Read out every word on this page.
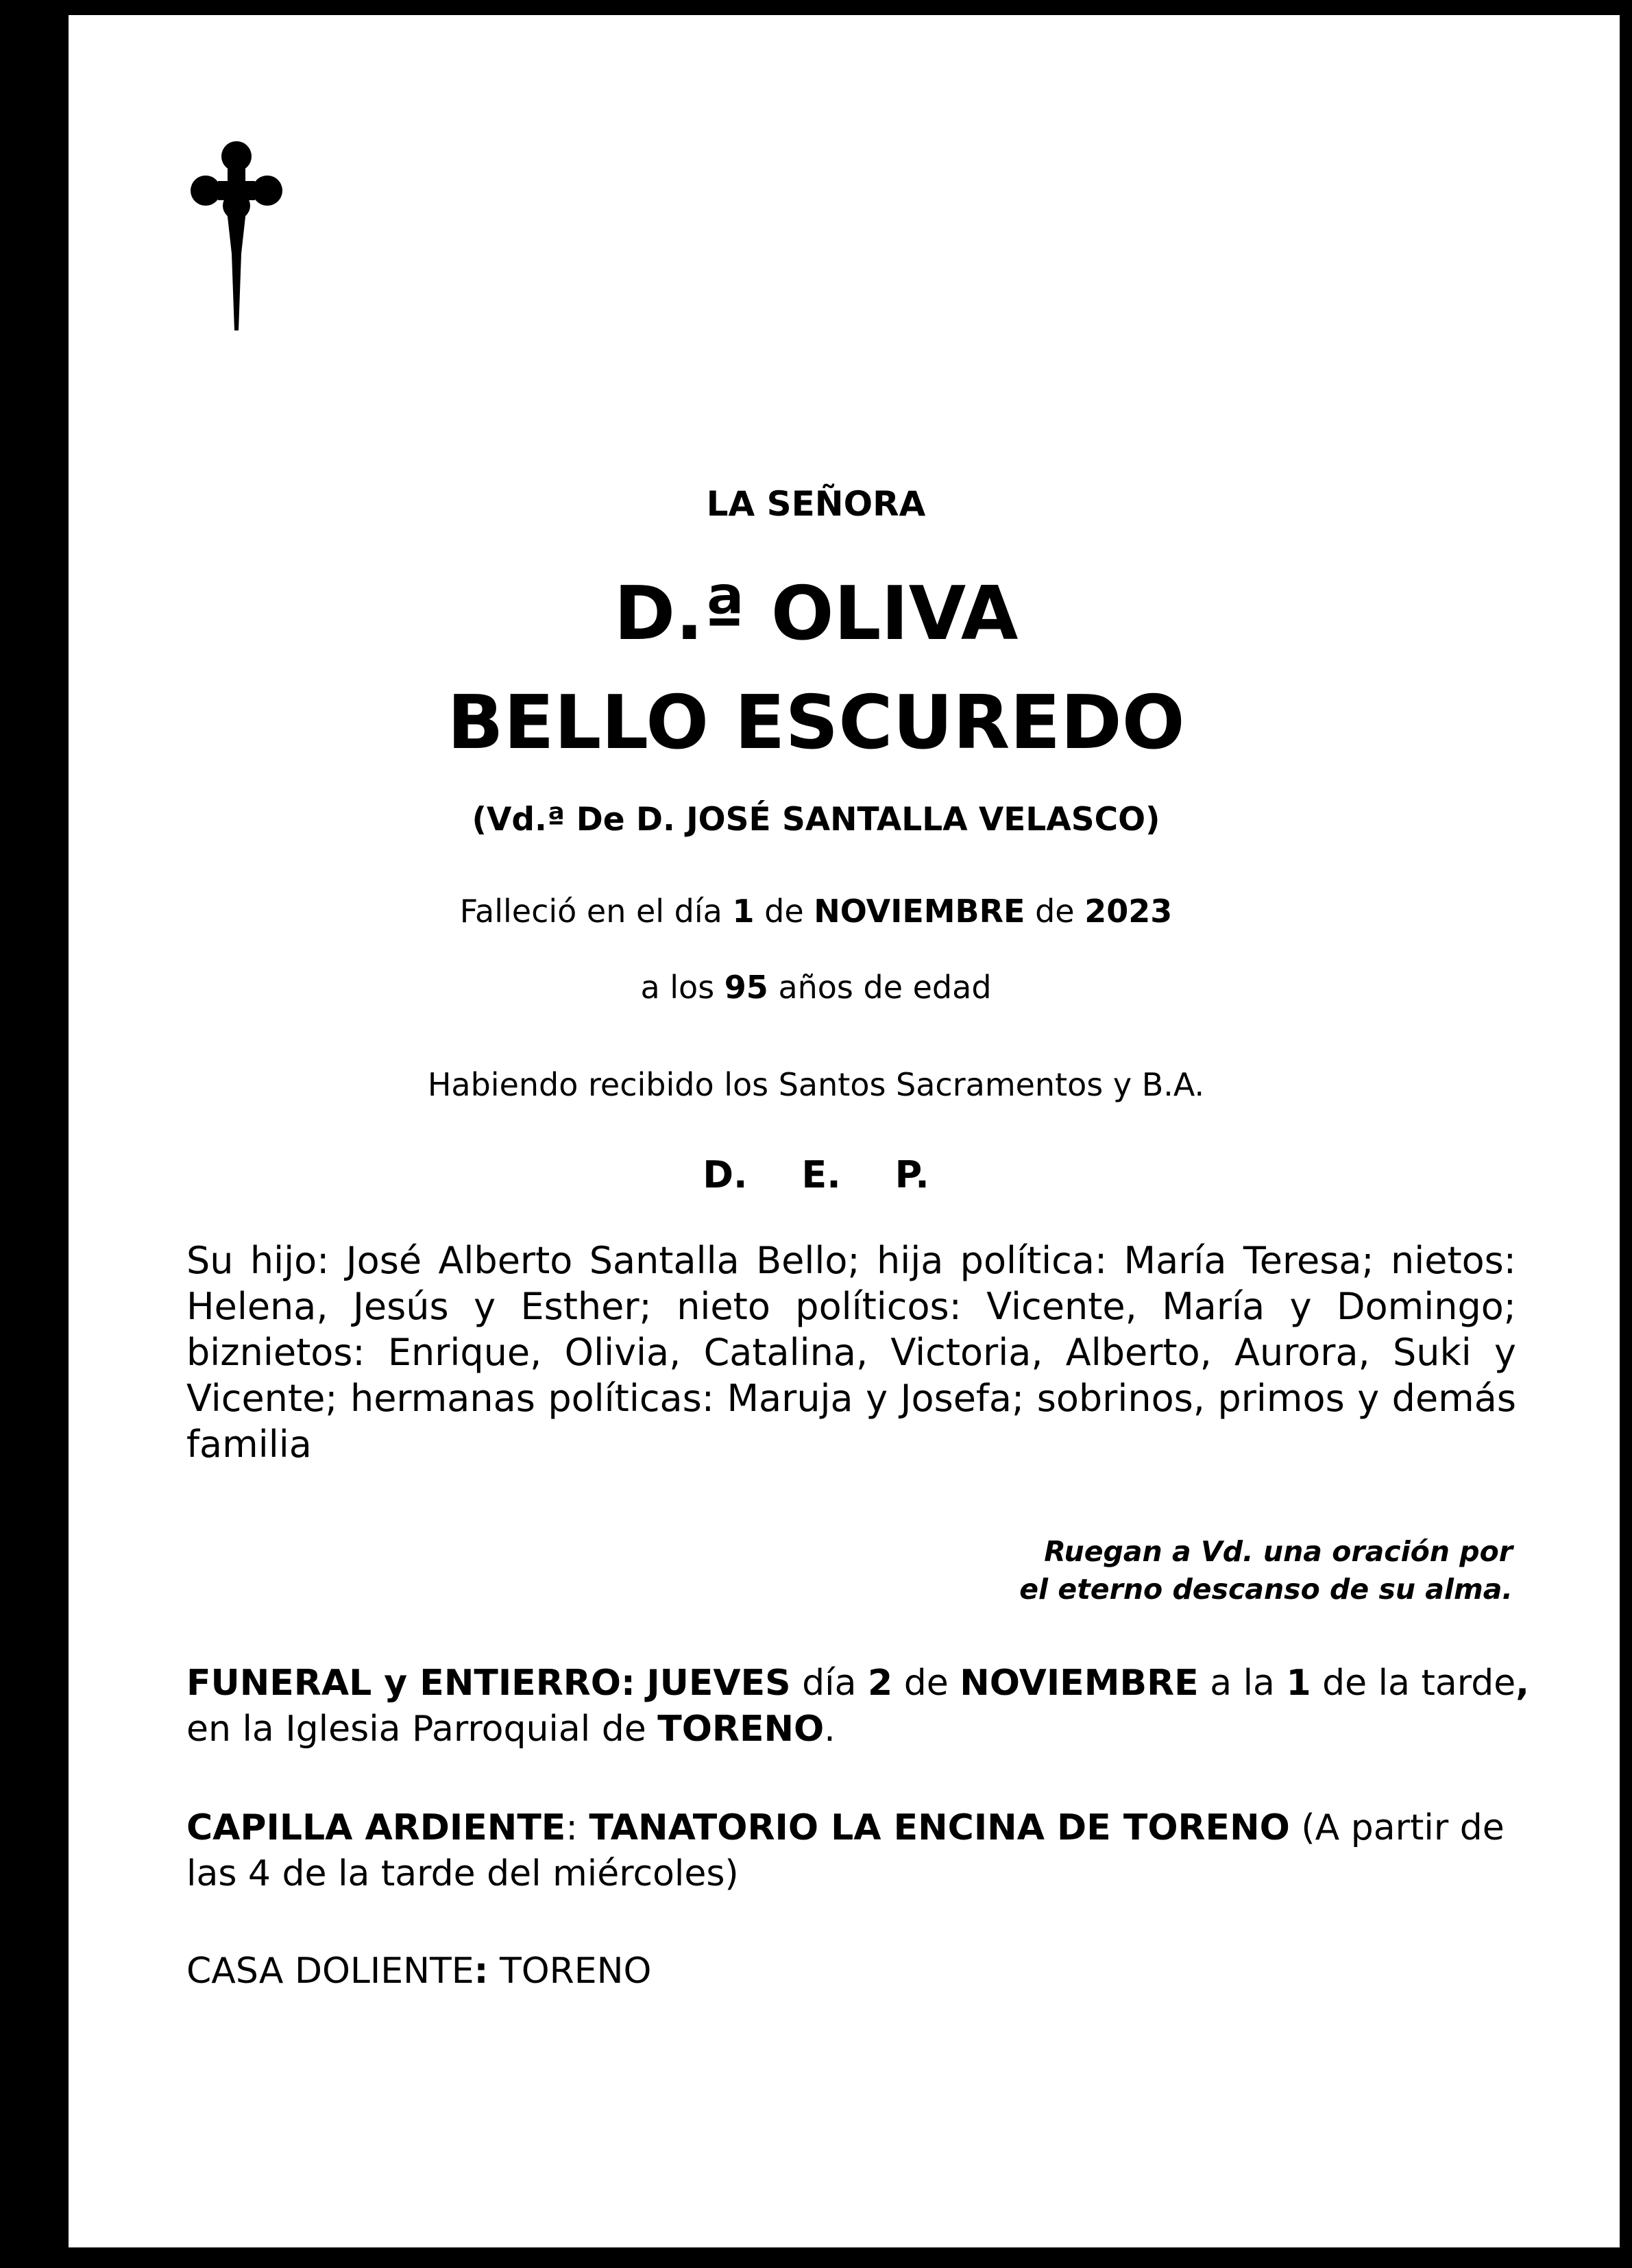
LA SEÑORA
D.ª OLIVA
BELLO ESCUREDO
(Vd.ª De D. JOSÉ SANTALLA VELASCO)
Falleció en el día 1 de NOVIEMBRE de 2023
a los 95 años de edad
Habiendo recibido los Santos Sacramentos y B.A.
D. E. P.
Su hijo: José Alberto Santalla Bello; hija política: María Teresa; nietos: Helena, Jesús y Esther; nieto políticos: Vicente, María y Domingo; biznietos: Enrique, Olivia, Catalina, Victoria, Alberto, Aurora, Suki y Vicente; hermanas políticas: Maruja y Josefa; sobrinos, primos y demás familia
Ruegan a Vd. una oración por
el eterno descanso de su alma.
FUNERAL y ENTIERRO: JUEVES día 2 de NOVIEMBRE a la 1 de la tarde,
en la Iglesia Parroquial de TORENO.
CAPILLA ARDIENTE: TANATORIO LA ENCINA DE TORENO (A partir de las 4 de la tarde del miércoles)
CASA DOLIENTE: TORENO
